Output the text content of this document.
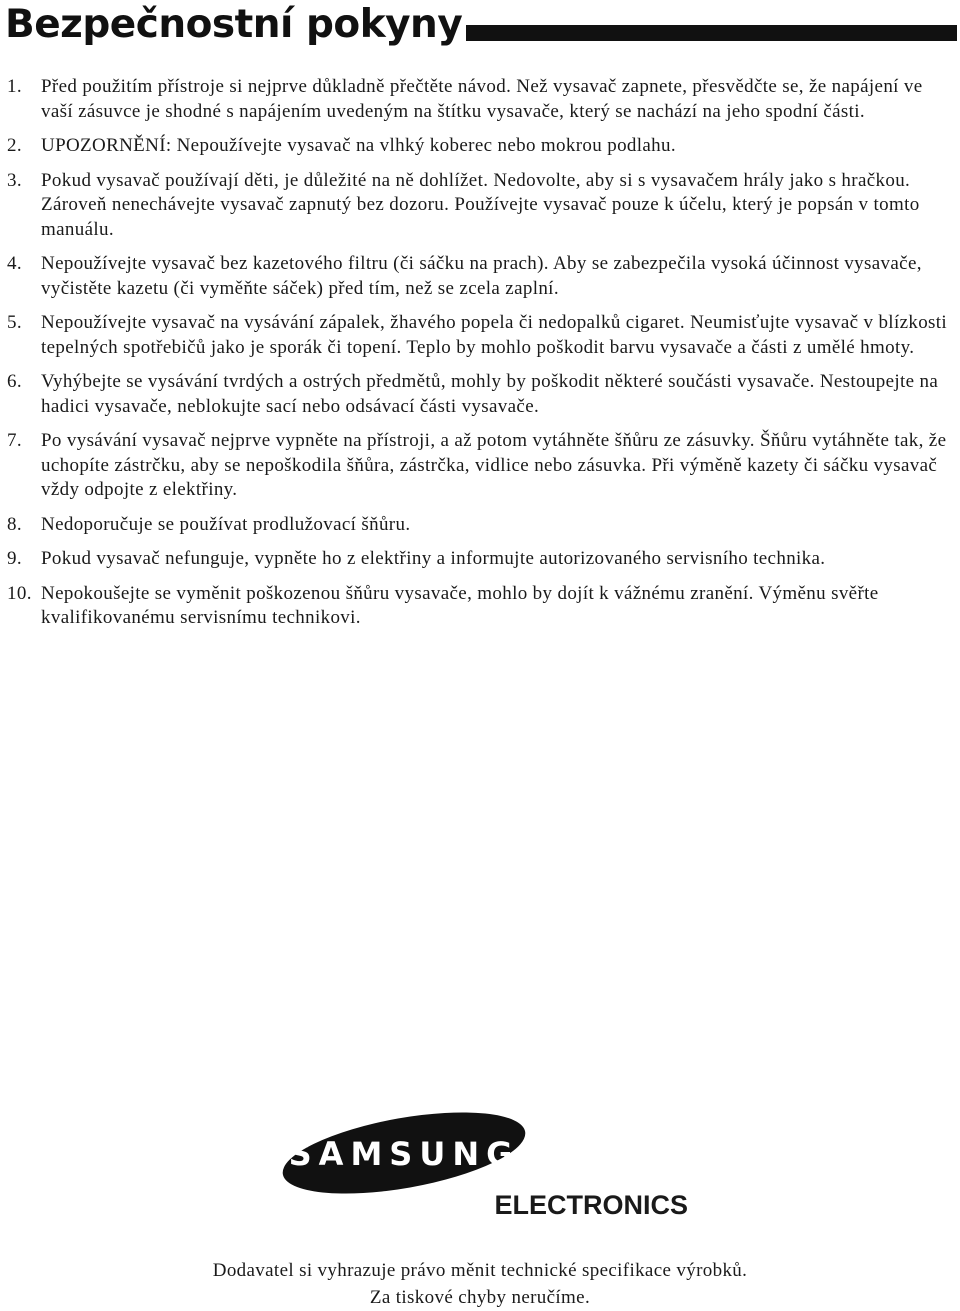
Bezpečnostní pokyny
1.	Před použitím přístroje si nejprve důkladně přečtěte návod. Než vysavač zapnete, přesvědčte se, že napájení ve vaší zásuvce je shodné s napájením uvedeným na štítku vysavače, který se nachází na jeho spodní části.
2.	UPOZORNĚNÍ: Nepoužívejte vysavač na vlhký koberec nebo mokrou podlahu.
3.	Pokud vysavač používají děti, je důležité na ně dohlížet. Nedovolte, aby si s vysavačem hrály jako s hračkou. Zároveň nenechávejte vysavač zapnutý bez dozoru. Používejte vysavač pouze k účelu, který je popsán v tomto manuálu.
4.	Nepoužívejte vysavač bez kazetového filtru (či sáčku na prach). Aby se zabezpečila vysoká účinnost vysavače, vyčistěte kazetu (či vyměňte sáček) před tím, než se zcela zaplní.
5.	Nepoužívejte vysavač na vysávání zápalek, žhavého popela či nedopalků cigaret. Neumisťujte vysavač v blízkosti tepelných spotřebičů jako je sporák či topení. Teplo by mohlo poškodit barvu vysavače a části z umělé hmoty.
6.	Vyhýbejte se vysávání tvrdých a ostrých předmětů, mohly by poškodit některé součásti vysavače. Nestoupejte na hadici vysavače, neblokujte sací nebo odsávací části vysavače.
7.	Po vysávání vysavač nejprve vypněte na přístroji, a až potom vytáhněte šňůru ze zásuvky. Šňůru vytáhněte tak, že uchopíte zástrčku, aby se nepoškodila šňůra, zástrčka, vidlice nebo zásuvka. Při výměně kazety či sáčku vysavač vždy odpojte z elektřiny.
8.	Nedoporučuje se používat prodlužovací šňůru.
9.	Pokud vysavač nefunguje, vypněte ho z elektřiny a informujte autorizovaného servisního technika.
10. Nepokoušejte se vyměnit poškozenou šňůru vysavače, mohlo by dojít k vážnému zranění. Výměnu svěřte kvalifikovanému servisnímu technikovi.
SAMSUNG
ELECTRONICS
Dodavatel si vyhrazuje právo měnit technické specifikace výrobků.
Za tiskové chyby neručíme.
